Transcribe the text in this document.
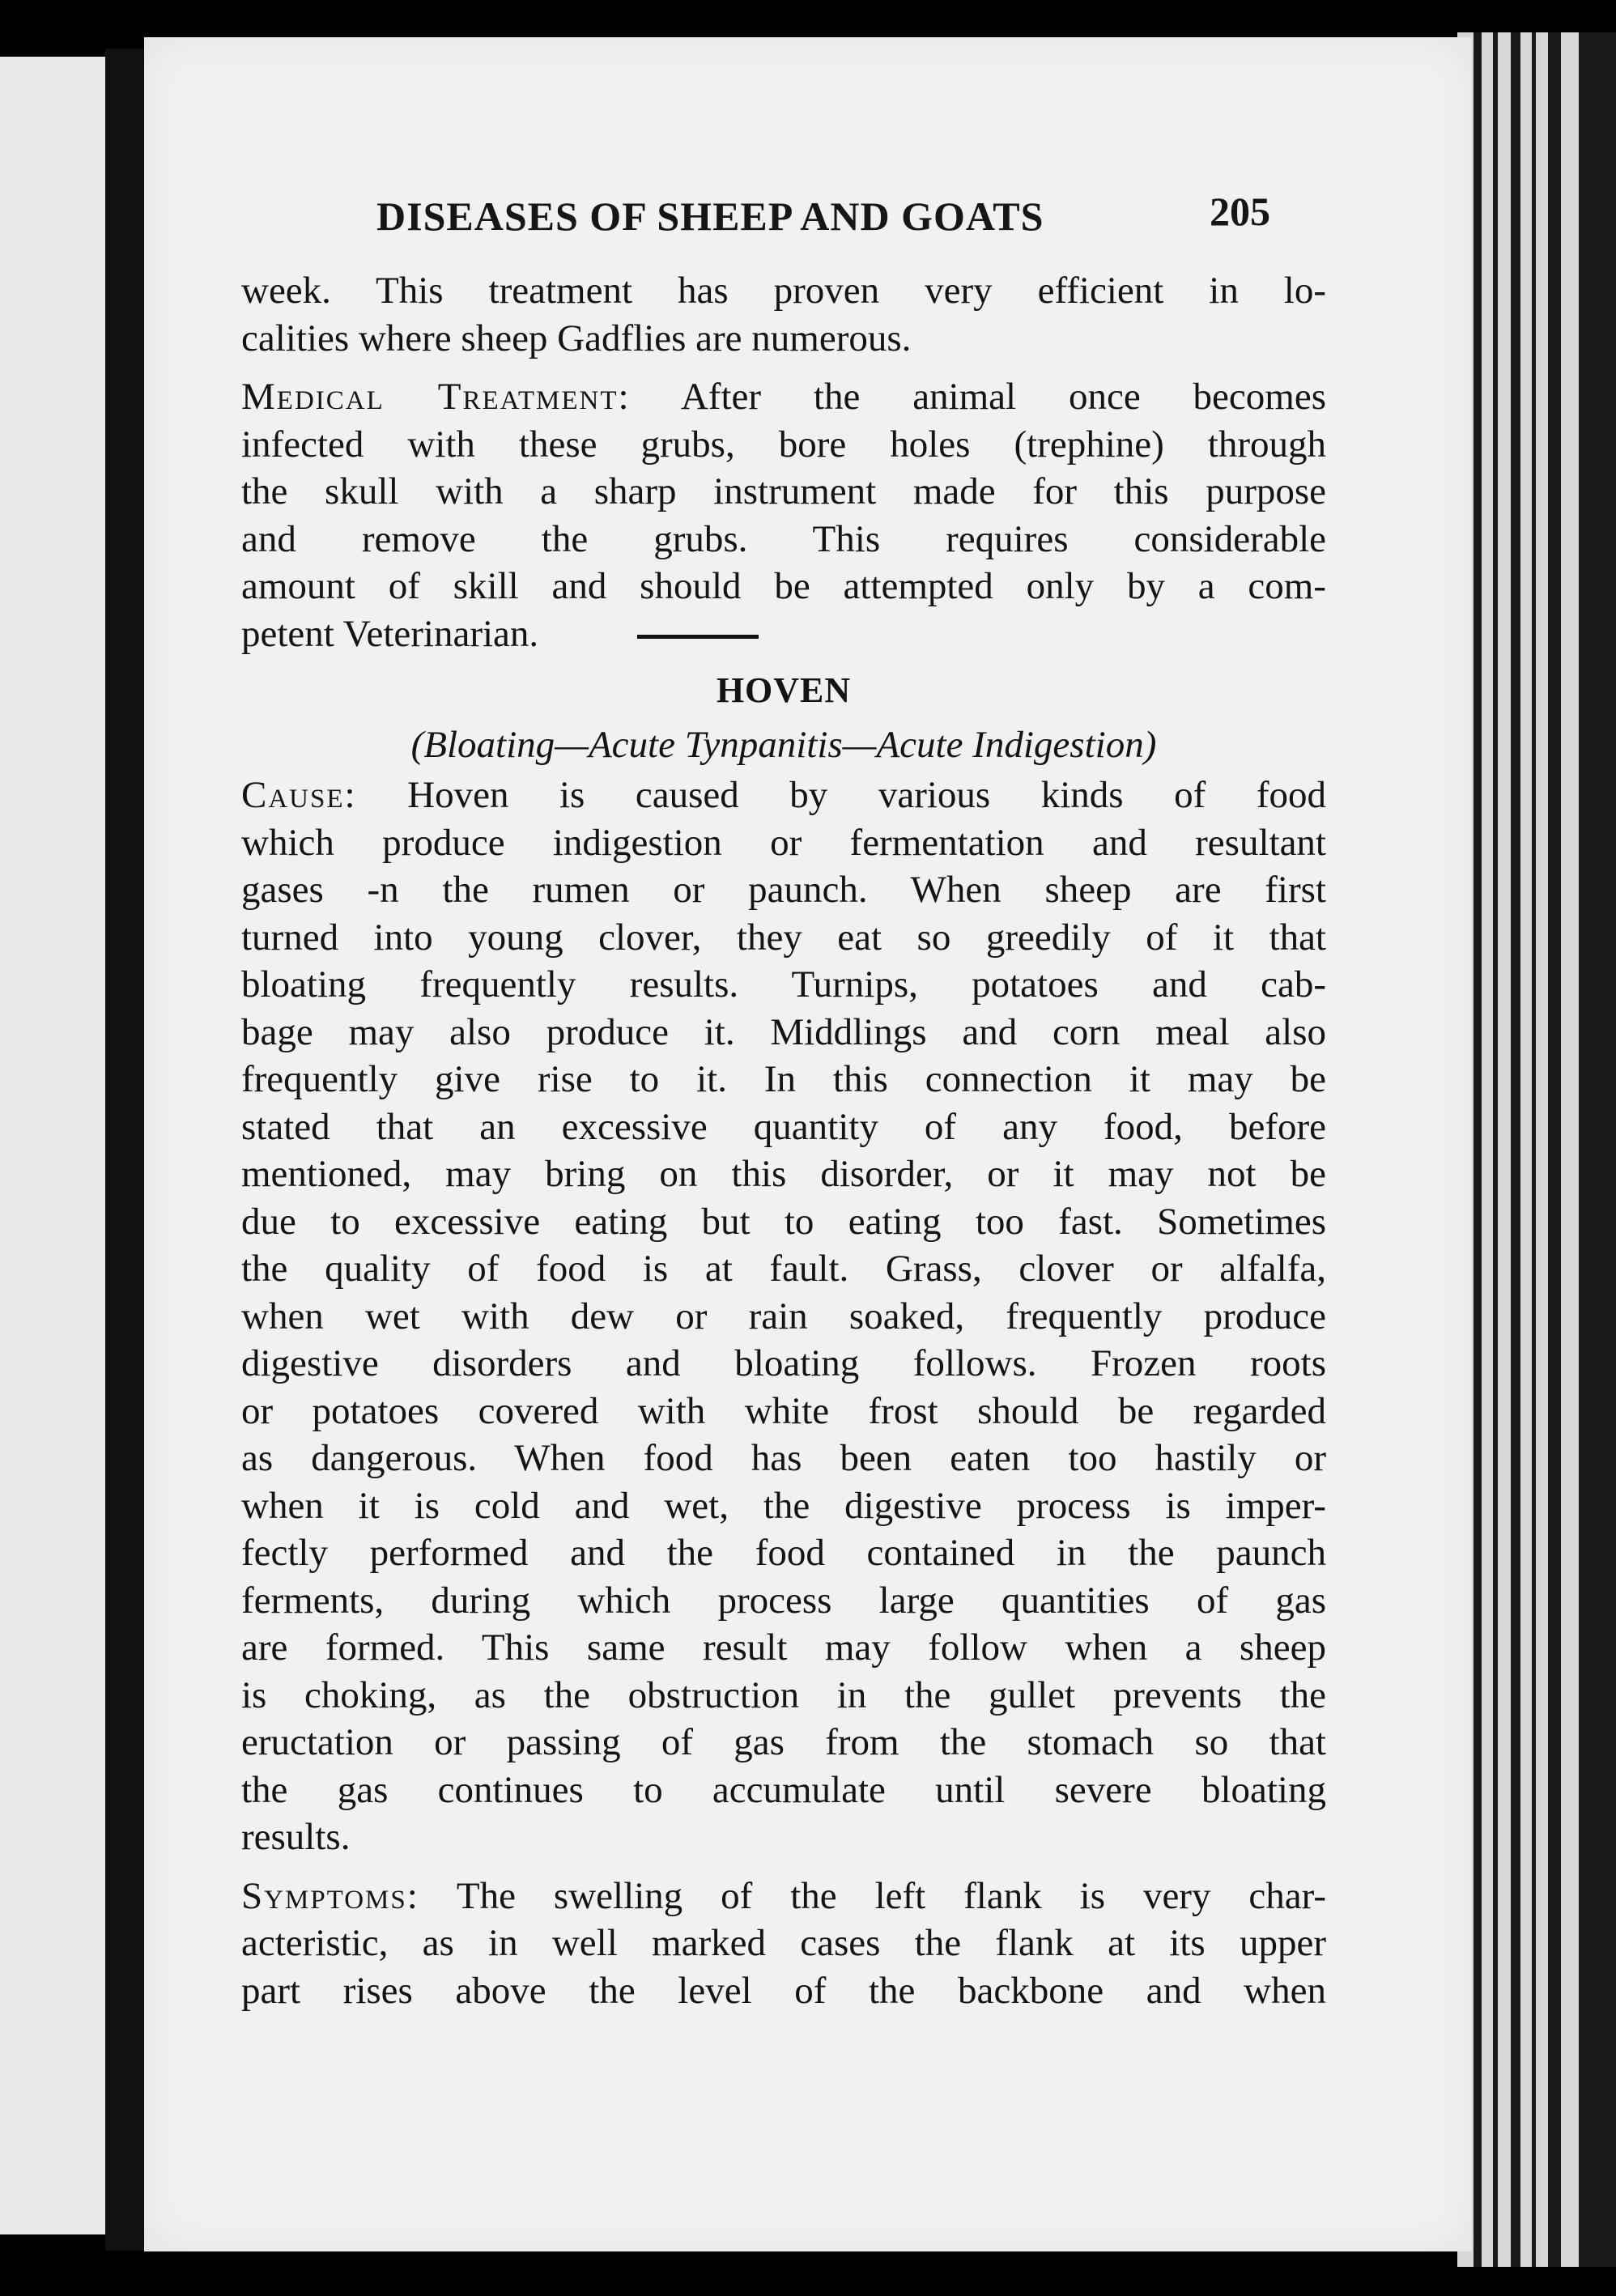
DISEASES OF SHEEP AND GOATS	205
week. This treatment has proven very efficient in lo-
calities where sheep Gadflies are numerous.
Medical Treatment: After the animal once becomes
infected with these grubs, bore holes (trephine) through
the skull with a sharp instrument made for this purpose
and remove the grubs. This requires considerable
amount of skill and should be attempted only by a com-
petent Veterinarian.
HOVEN
(Bloating—Acute Tynpanitis—Acute Indigestion)
Cause: Hoven is caused by various kinds of food
which produce indigestion or fermentation and resultant
gases -n the rumen or paunch. When sheep are first
turned into young clover, they eat so greedily of it that
bloating frequently results. Turnips, potatoes and cab-
bage may also produce it. Middlings and corn meal also
frequently give rise to it. In this connection it may be
stated that an excessive quantity of any food, before
mentioned, may bring on this disorder, or it may not be
due to excessive eating but to eating too fast. Sometimes
the quality of food is at fault. Grass, clover or alfalfa,
when wet with dew or rain soaked, frequently produce
digestive disorders and bloating follows. Frozen roots
or potatoes covered with white frost should be regarded
as dangerous. When food has been eaten too hastily or
when it is cold and wet, the digestive process is imper-
fectly performed and the food contained in the paunch
ferments, during which process large quantities of gas
are formed. This same result may follow when a sheep
is choking, as the obstruction in the gullet prevents the
eructation or passing of gas from the stomach so that
the gas continues to accumulate until severe bloating
results.
Symptoms: The swelling of the left flank is very char-
acteristic, as in well marked cases the flank at its upper
part rises above the level of the backbone and when
